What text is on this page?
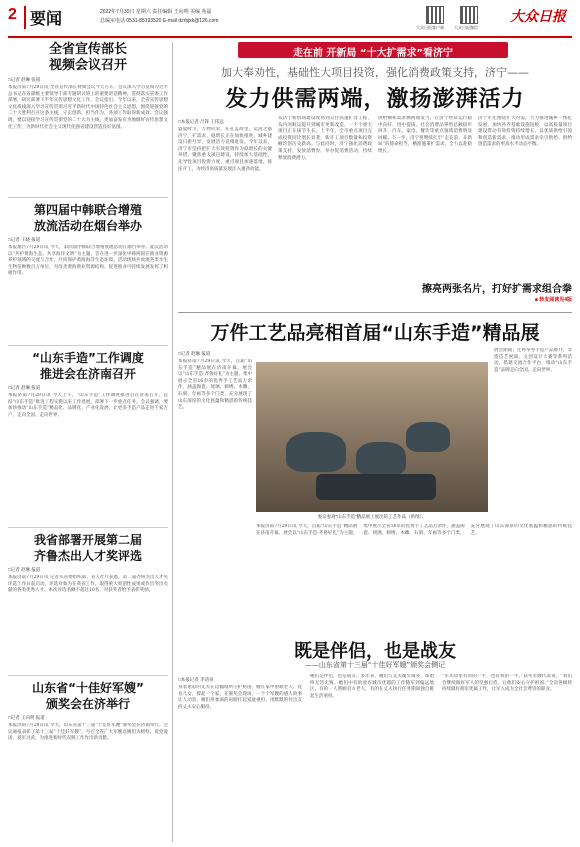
2 要闻	2022年7月30日 星期六 责任编辑 王向明 美编 苑磊
总编室电话 0531-85193520 E-mail dzrbjxk@126.com
大众日报客户端	大众日报微信
大众日报
全省宣传部长
视频会议召开
□记者 赵琳 张国
本报济南7月29日讯 全省宣传部长视频会议今天召开。会议深入学习贯彻习近平总书记在省部级主要领导干部专题研讨班上的重要讲话精神，贯彻落实省委工作部署，研究部署下半年宣传思想文化工作。会议指出，今年以来，全省宣传思想文化战线深入学习宣传贯彻习近平新时代中国特色社会主义思想，围绕迎接党的二十大胜利召开这条主线，守正创新、担当作为，各项工作取得新成效。会议强调，要以迎接学习宣传贯彻党的二十大为主线，更加奋发有为地做好宣传思想文化工作，为新时代社会主义现代化强省建设营造良好氛围。
第四届中韩联合增殖
放流活动在烟台举办
□记者 王晓 报道
本报烟台7月29日讯 今天，第四届中韩联合增殖放流活动在烟台举办。此次活动以“共护黄海生态、共享海洋文明”为主题，旨在进一步深化中韩两国在渔业资源养护领域的交流与合作，共同保护黄海海洋生态环境。活动现场共放流各类水生生物苗种数百万单位，为改善黄海渔业资源结构、促进渔业可持续发展发挥了积极作用。
“山东手造”工作调度
推进会在济南召开
□记者 赵琳 报道
本报济南7月29日讯 今天上午，“山东手造”工作调度推进会在济南召开，总结“山东手造”推进工程实施以来工作进展，部署下一步重点任务。会议强调，要加快推动“山东手造”精品化、品牌化、产业化发展，让更多手造产品走进千家万户、走向全国、走向世界。
我省部署开展第二届
齐鲁杰出人才奖评选
□记者 赵琳 报道
本报济南7月29日讯 记者从省委组织部、省人社厅获悉，第二届齐鲁杰出人才奖评选工作日前启动。评选对象为在我省工作、取得重大原创性成果或作出突出贡献的各类优秀人才。本次评选名额不超过10名，对获奖者给予表彰奖励。
山东省“十佳好军嫂”
颁奖会在济举行
□记者 王向明 报道
本报济南7月29日讯 今天，山东省第十三届“十佳好军嫂”颁奖会在济南举行。会议通报表彰了第十三届“十佳好军嫂”，号召全省广大军嫂以她们为榜样，爱党爱国、爱军习武，为推进新时代双拥工作作出新贡献。
走在前 开新局 “十大扩需求”看济宁
加大奉劝性，基础性大项目投资，强化消费政策支持，济宁——
发力供需两端，激扬澎湃活力
□本报记者 吕锋 王伟远
盛夏时节，万物向荣。在孔孟故里、运河之都济宁，扩需求、稳增长正在加快推进，城乡建设日新月异，发展活力竞相迸发。今年以来，济宁市坚持把扩大有效投资作为稳增长的关键举措，聚焦重大项目建设，持续加大基础性、先导性项目投资力度，重点项目加速落地、接连开工，为经济高质量发展注入强劲动能。
从济宁新机场建设现场到京台高速扩容工程，从内河航运提升到城市更新改造，一个个重大项目正在拔节生长。上半年，全市重点项目完成投资同比增长显著，新开工项目数量和投资额均创历史新高。与此同时，济宁强化消费政策支持，发放消费券、举办促消费活动，持续释放消费潜力。
供给侧和需求侧两端发力，让济宁经济运行稳中向好、进中提质。社会消费品零售总额稳步回升，汽车、家电、餐饮等重点领域消费明显回暖。下一步，济宁将继续扛牢“走在前、开新局”的使命担当，精准施策扩需求，全力以赴稳增长。
济宁市还围绕扩大内需，大力推进城乡一体化发展，加快补齐基础设施短板，以高质量项目建设带动有效投资持续增长，以优质供给引领和创造新需求，推动形成需求牵引供给、供给创造需求的更高水平动态平衡。
擦亮两张名片，打好扩需求组合拳
■ 转发阅读见4版
万件工艺品亮相首届“山东手造”精品展
□记者 赵琳 报道
本报济南7月29日讯 今天，首届“山东手造”精品展在济南开幕。展会以“山东手造·齐鲁好礼”为主题，集中展示全省16市的优秀手工艺品万余件，涵盖陶瓷、琉璃、刺绣、木雕、石刻、年画等多个门类，充分展现了山东深厚的文化底蕴和精湛的传统技艺。
观众参观“山东手造”精品展上展出的工艺作品（供图）。
展会期间，还将举办手造产品推介、非遗技艺展演、文创设计大赛等系列活动，搭建交流合作平台，推动“山东手造”品牌走向全国、走向世界。
本报济南7月29日讯 今天，首届“山东手造”精品展在济南开幕。展会以“山东手造·齐鲁好礼”为主题，集中展示全省16市的优秀手工艺品万余件，涵盖陶瓷、琉璃、刺绣、木雕、石刻、年画等多个门类，充分展现了山东深厚的文化底蕴和精湛的传统技艺。
既是伴侣，也是战友
——山东省第十三届“十佳好军嫂”颁奖会侧记
□本报记者 李清泉
身着迷彩的丈夫在边疆哨所守护祖国，她在家中照顾老人、抚育儿女，撑起一个家。在颁奖会现场，一个个军嫂的感人故事让人动容。她们用柔弱的肩膀扛起家庭重担，用默默的付出支持丈夫安心服役。
她们是伴侣，也是战友。多年来，她们与丈夫聚少离多，却始终无怨无悔。她们中有的放弃城市优越的工作随军到偏远地区，有的一人照顾双方老人，有的在丈夫执行任务期间独自挑起生活重担。
“军功章里有你的一半，也有我的一半。”获奖军嫂代表说，“我们会继续做好军人的坚强后盾，让他们安心守护祖国。”全省各级将持续做好拥军优属工作，让军人成为全社会尊崇的职业。
